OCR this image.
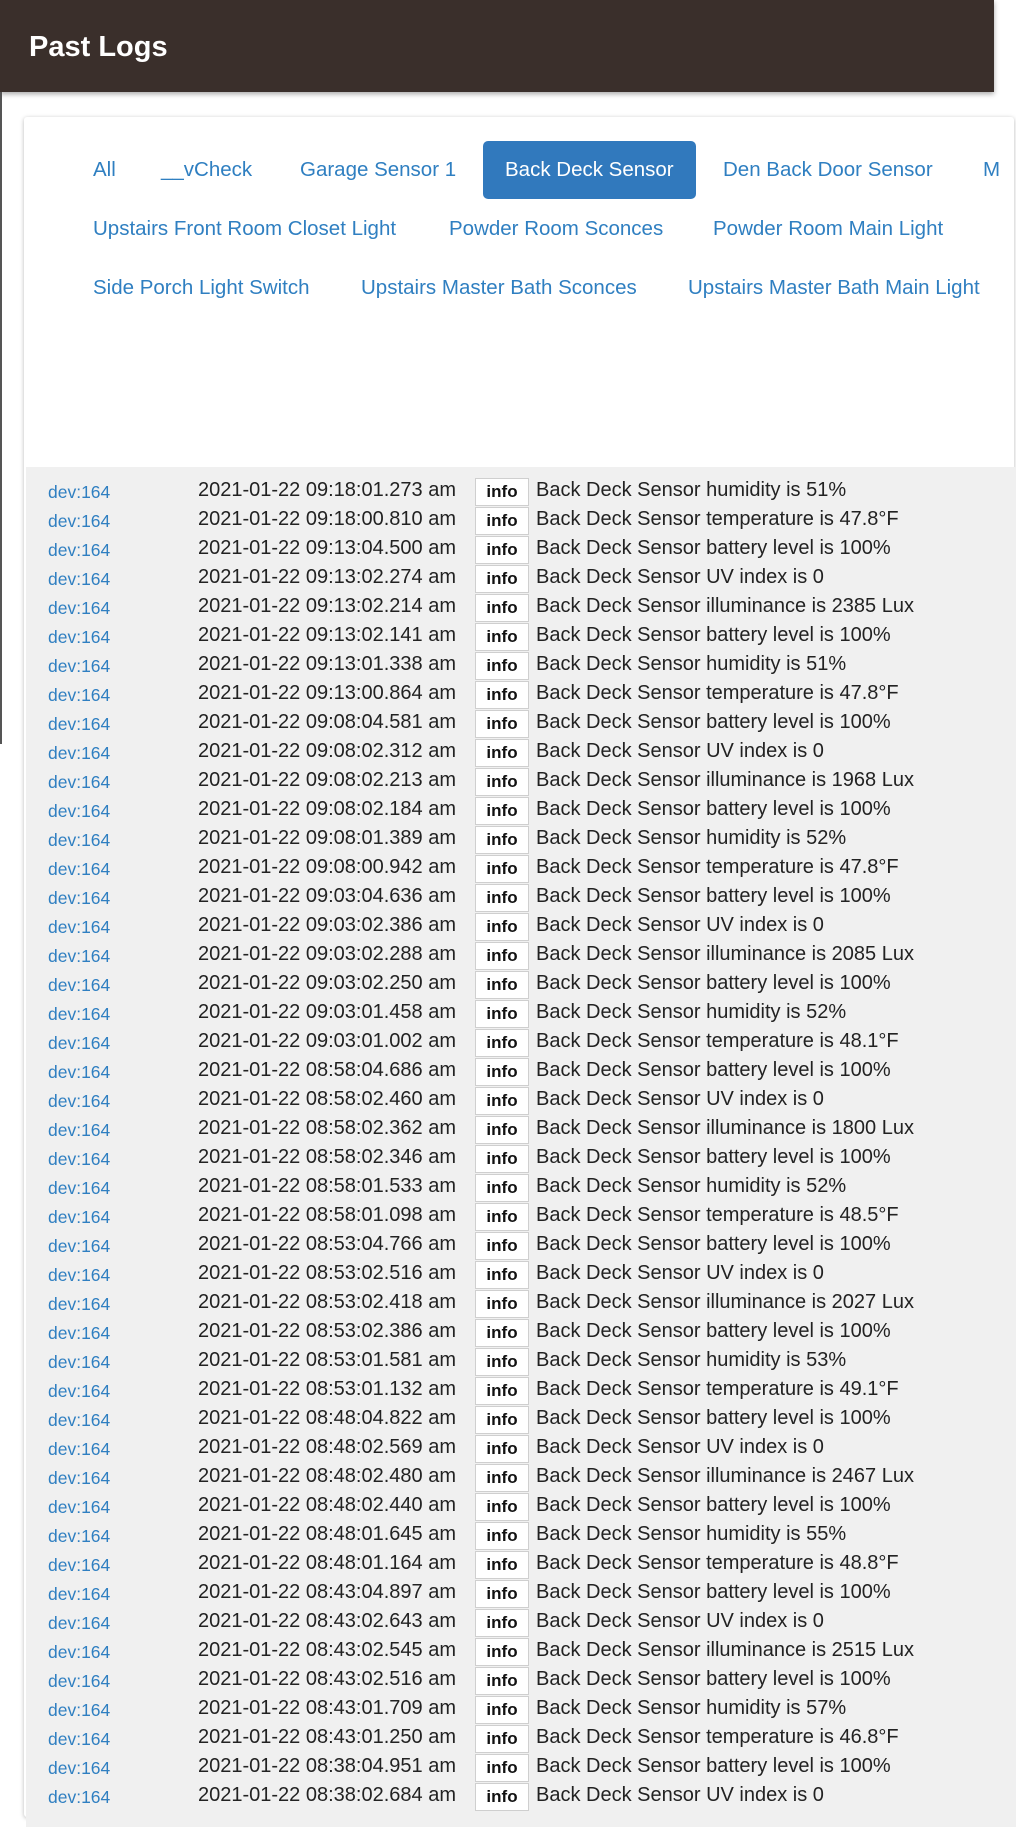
Past Logs
All __vCheck Garage Sensor 1	Back Deck Sensor	Den Back Door Sensor M
Upstairs Front Room Closet Light	Powder Room Sconces Powder Room Main Light
Side Porch Light Switch	Upstairs Master Bath Sconces	Upstairs Master Bath Main Light
dev:164	2021-01-22 09:18:01.273 am	info Back Deck Sensor humidity is 51%
dev:164	2021-01-22 09:18:00.810 am	info Back Deck Sensor temperature is 47.8°F
dev:164	2021-01-22 09:13:04.500 am	info Back Deck Sensor battery level is 100%
dev:164	2021-01-22 09:13:02.274 am	info Back Deck Sensor UV index is 0
dev:164	2021-01-22 09:13:02.214 am	info Back Deck Sensor illuminance is 2385 Lux
dev:164	2021-01-22 09:13:02.141 am	info Back Deck Sensor battery level is 100%
dev:164	2021-01-22 09:13:01.338 am	info Back Deck Sensor humidity is 51%
dev:164	2021-01-22 09:13:00.864 am	info Back Deck Sensor temperature is 47.8°F
dev:164	2021-01-22 09:08:04.581 am	info Back Deck Sensor battery level is 100%
dev:164	2021-01-22 09:08:02.312 am	info Back Deck Sensor UV index is 0
dev:164	2021-01-22 09:08:02.213 am	info Back Deck Sensor illuminance is 1968 Lux
dev:164	2021-01-22 09:08:02.184 am	info Back Deck Sensor battery level is 100%
dev:164	2021-01-22 09:08:01.389 am	info Back Deck Sensor humidity is 52%
dev:164	2021-01-22 09:08:00.942 am	info Back Deck Sensor temperature is 47.8°F
dev:164	2021-01-22 09:03:04.636 am	info Back Deck Sensor battery level is 100%
dev:164	2021-01-22 09:03:02.386 am	info Back Deck Sensor UV index is 0
dev:164	2021-01-22 09:03:02.288 am	info Back Deck Sensor illuminance is 2085 Lux
dev:164	2021-01-22 09:03:02.250 am	info Back Deck Sensor battery level is 100%
dev:164	2021-01-22 09:03:01.458 am	info Back Deck Sensor humidity is 52%
dev:164	2021-01-22 09:03:01.002 am	info Back Deck Sensor temperature is 48.1°F
dev:164	2021-01-22 08:58:04.686 am	info Back Deck Sensor battery level is 100%
dev:164	2021-01-22 08:58:02.460 am	info Back Deck Sensor UV index is 0
dev:164	2021-01-22 08:58:02.362 am	info Back Deck Sensor illuminance is 1800 Lux
dev:164	2021-01-22 08:58:02.346 am	info Back Deck Sensor battery level is 100%
dev:164	2021-01-22 08:58:01.533 am	info Back Deck Sensor humidity is 52%
dev:164	2021-01-22 08:58:01.098 am	info Back Deck Sensor temperature is 48.5°F
dev:164	2021-01-22 08:53:04.766 am	info Back Deck Sensor battery level is 100%
dev:164	2021-01-22 08:53:02.516 am	info Back Deck Sensor UV index is 0
dev:164	2021-01-22 08:53:02.418 am	info Back Deck Sensor illuminance is 2027 Lux
dev:164	2021-01-22 08:53:02.386 am	info Back Deck Sensor battery level is 100%
dev:164	2021-01-22 08:53:01.581 am	info Back Deck Sensor humidity is 53%
dev:164	2021-01-22 08:53:01.132 am	info Back Deck Sensor temperature is 49.1°F
dev:164	2021-01-22 08:48:04.822 am	info Back Deck Sensor battery level is 100%
dev:164	2021-01-22 08:48:02.569 am	info Back Deck Sensor UV index is 0
dev:164	2021-01-22 08:48:02.480 am	info Back Deck Sensor illuminance is 2467 Lux
dev:164	2021-01-22 08:48:02.440 am	info Back Deck Sensor battery level is 100%
dev:164	2021-01-22 08:48:01.645 am	info Back Deck Sensor humidity is 55%
dev:164	2021-01-22 08:48:01.164 am	info Back Deck Sensor temperature is 48.8°F
dev:164	2021-01-22 08:43:04.897 am	info Back Deck Sensor battery level is 100%
dev:164	2021-01-22 08:43:02.643 am	info Back Deck Sensor UV index is 0
dev:164	2021-01-22 08:43:02.545 am	info Back Deck Sensor illuminance is 2515 Lux
dev:164	2021-01-22 08:43:02.516 am	info Back Deck Sensor battery level is 100%
dev:164	2021-01-22 08:43:01.709 am	info Back Deck Sensor humidity is 57%
dev:164	2021-01-22 08:43:01.250 am	info Back Deck Sensor temperature is 46.8°F
dev:164	2021-01-22 08:38:04.951 am	info Back Deck Sensor battery level is 100%
dev:164	2021-01-22 08:38:02.684 am	info Back Deck Sensor UV index is 0
